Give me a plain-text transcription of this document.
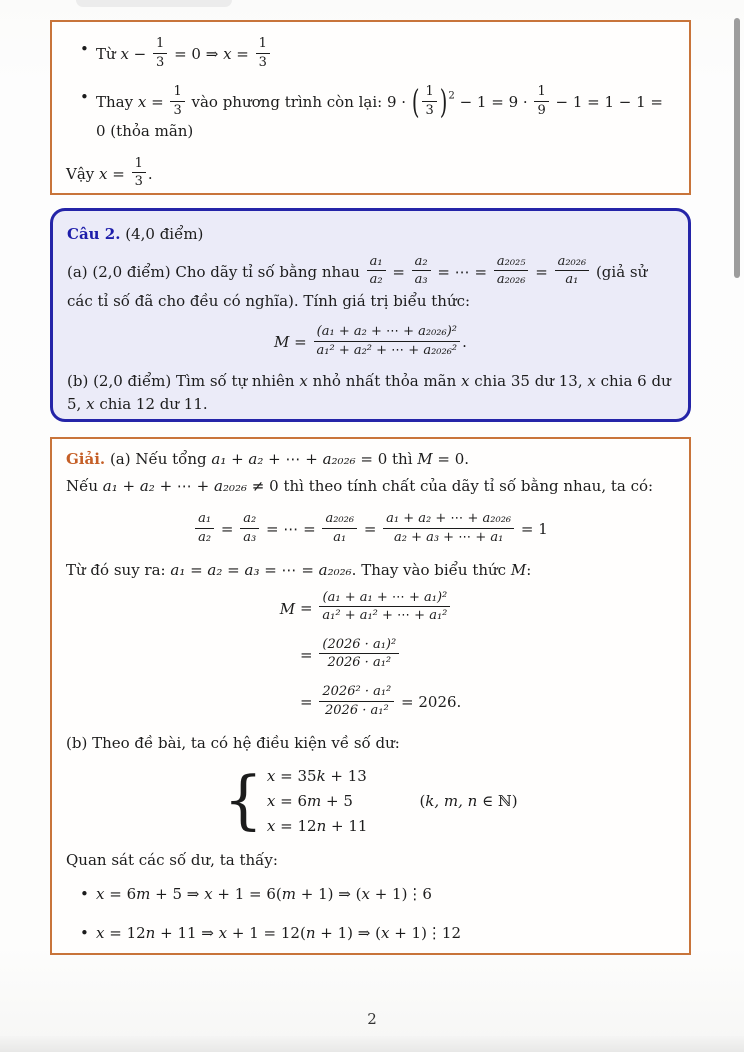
• Từ $x - \frac{1}{3} = 0$ ⇒ $x = \frac{1}{3}$
• Thay $x = \frac{1}{3}$ vào phương trình còn lại: 9 · ( $\frac{1}{3} )^2 - 1 = 9 \cdot \frac{1}{9} - 1 = 1 - 1 = 0$ (thỏa mãn)
Vậy $x = \frac{1}{3}$ .
Câu 2. (4,0 điểm)
(a) (2,0 điểm) Cho dãy tỉ số bằng nhau $\frac{\text{a₁}}{\text{a₂}} = \frac{\text{a₂}}{\text{a₃}}$ = ⋯ = $\frac{\text{a₂₀₂₅}}{\text{a₂₀₂₆}} = \frac{\text{a₂₀₂₆}}{\text{a₁}}$ (giả sử các tỉ số đã cho đều có nghĩa). Tính giá trị biểu thức:
$M = \frac{\text{(a₁ + a₂ + ⋯ + a₂₀₂₆)²}}{\text{a₁² + a₂² + ⋯ + a₂₀₂₆²}}$ .
(b) (2,0 điểm) Tìm số tự nhiên x nhỏ nhất thỏa mãn x chia 35 dư 13, x chia 6 dư 5, x chia 12 dư 11.
Giải. (a) Nếu tổng a₁ + a₂ + ⋯ + a₂₀₂₆ = 0 thì M = 0.
Nếu a₁ + a₂ + ⋯ + a₂₀₂₆ ≠ 0 thì theo tính chất của dãy tỉ số bằng nhau, ta có:
$\frac{\text{a₁}}{\text{a₂}} = \frac{\text{a₂}}{\text{a₃}}$ = ⋯ = $\frac{\text{a₂₀₂₆}}{\text{a₁}} = \frac{\text{a₁ + a₂ + ⋯ + a₂₀₂₆}}{\text{a₂ + a₃ + ⋯ + a₁}} = 1$
Từ đó suy ra: a₁ = a₂ = a₃ = ⋯ = a₂₀₂₆. Thay vào biểu thức M:
$M = \frac{\text{(a₁ + a₁ + ⋯ + a₁)²}}{\text{a₁² + a₁² + ⋯ + a₁²}}$
= $\frac{\text{(2026 · a₁)²}}{\text{2026 · a₁²}}$
= $\frac{\text{2026² · a₁²}}{\text{2026 · a₁²}} = 2026$.
(b) Theo đề bài, ta có hệ điều kiện về số dư:
{ x = 35k + 13
x = 6m + 5
x = 12n + 11
(k, m, n ∈ ℕ)
Quan sát các số dư, ta thấy:
• x = 6m + 5 ⇒ x + 1 = 6(m + 1) ⇒ (x + 1)⋮6
• x = 12n + 11 ⇒ x + 1 = 12(n + 1) ⇒ (x + 1)⋮12
2
